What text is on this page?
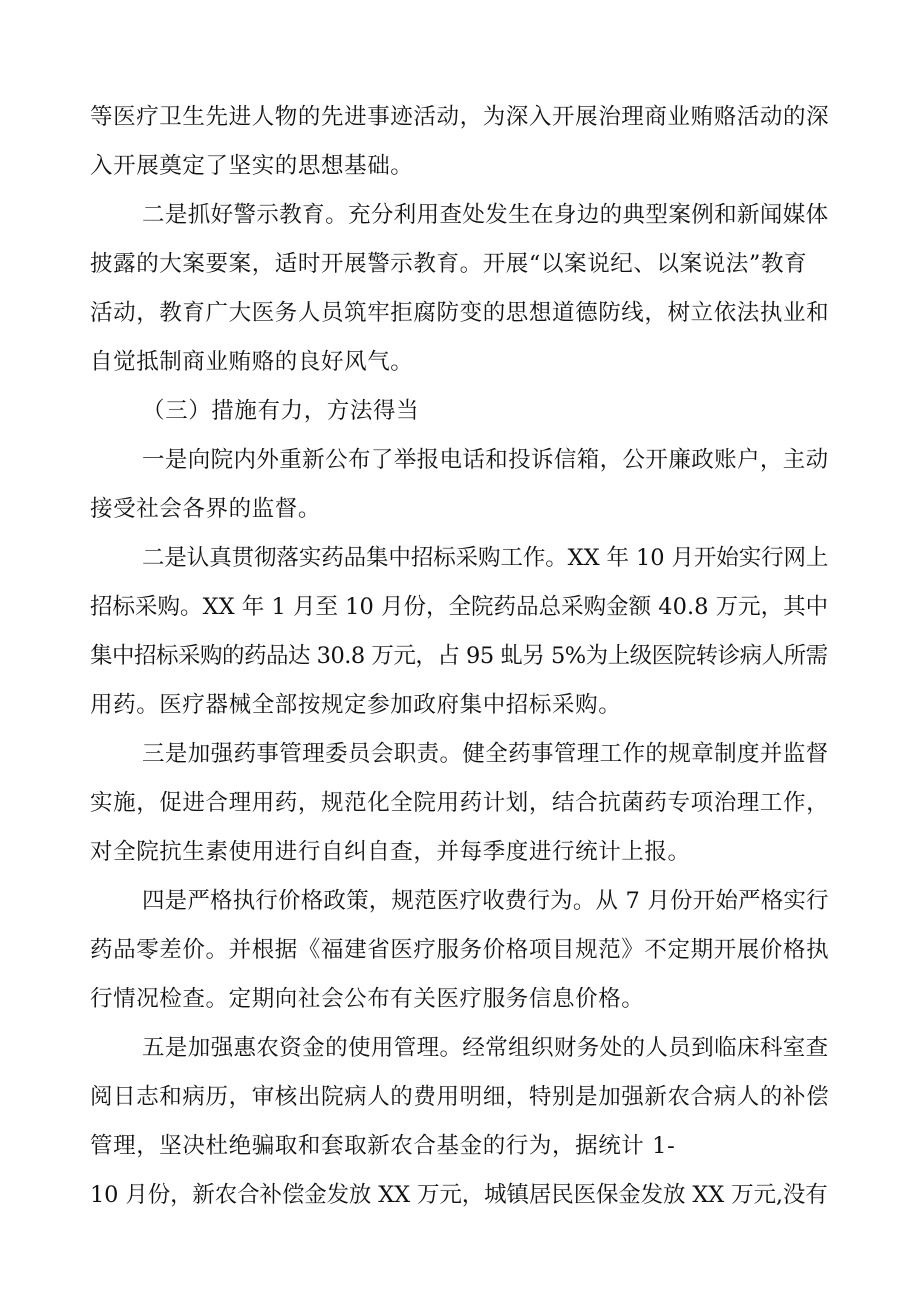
等医疗卫生先进人物的先进事迹活动，为深入开展治理商业贿赂活动的深
入开展奠定了坚实的思想基础。
二是抓好警示教育。充分利用查处发生在身边的典型案例和新闻媒体
披露的大案要案，适时开展警示教育。开展“以案说纪、以案说法”教育
活动，教育广大医务人员筑牢拒腐防变的思想道德防线，树立依法执业和
自觉抵制商业贿赂的良好风气。
（三）措施有力，方法得当
一是向院内外重新公布了举报电话和投诉信箱，公开廉政账户，主动
接受社会各界的监督。
二是认真贯彻落实药品集中招标采购工作。XX 年 10 月开始实行网上
招标采购。XX 年 1 月至 10 月份，全院药品总采购金额 40.8 万元，其中
集中招标采购的药品达 30.8 万元，占 95 虬另 5%为上级医院转诊病人所需
用药。医疗器械全部按规定参加政府集中招标采购。
三是加强药事管理委员会职责。健全药事管理工作的规章制度并监督
实施，促进合理用药，规范化全院用药计划，结合抗菌药专项治理工作，
对全院抗生素使用进行自纠自查，并每季度进行统计上报。
四是严格执行价格政策，规范医疗收费行为。从 7 月份开始严格实行
药品零差价。并根据《福建省医疗服务价格项目规范》不定期开展价格执
行情况检查。定期向社会公布有关医疗服务信息价格。
五是加强惠农资金的使用管理。经常组织财务处的人员到临床科室查
阅日志和病历，审核出院病人的费用明细，特别是加强新农合病人的补偿
管理，坚决杜绝骗取和套取新农合基金的行为，据统计 1-
10 月份，新农合补偿金发放 XX 万元，城镇居民医保金发放 XX 万元,没有
